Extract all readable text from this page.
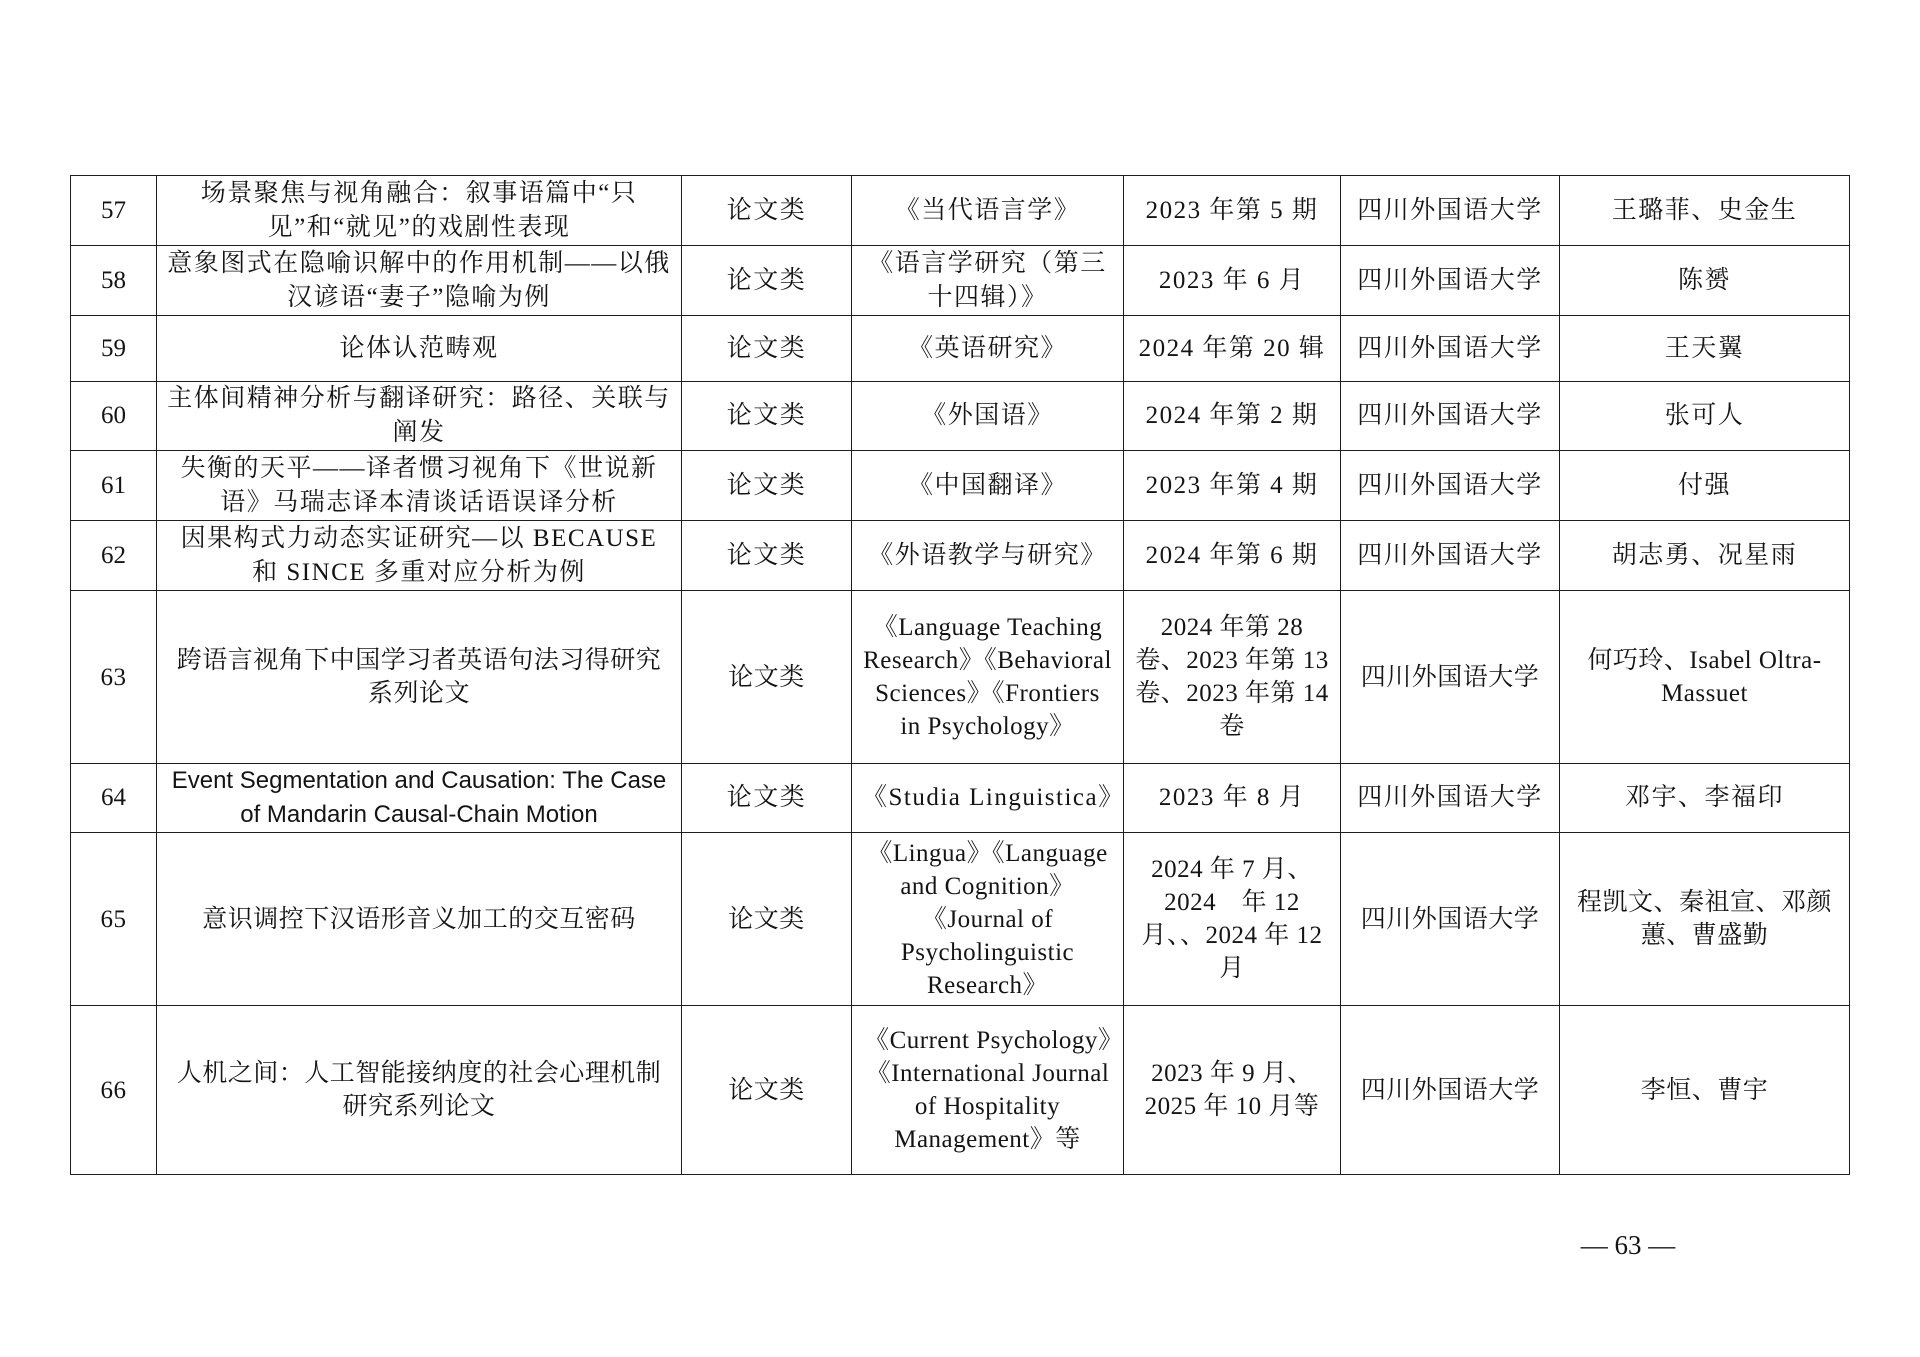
57	场景聚焦与视角融合：叙事语篇中“只见”和“就见”的戏剧性表现	论文类	《当代语言学》	2023 年第 5 期	四川外国语大学	王璐菲、史金生
58	意象图式在隐喻识解中的作用机制——以俄汉谚语“妻子”隐喻为例	论文类	《语言学研究（第三十四辑）》	2023 年 6 月	四川外国语大学	陈赟
59	论体认范畴观	论文类	《英语研究》	2024 年第 20 辑	四川外国语大学	王天翼
60	主体间精神分析与翻译研究：路径、关联与阐发	论文类	《外国语》	2024 年第 2 期	四川外国语大学	张可人
61	失衡的天平——译者惯习视角下《世说新语》马瑞志译本清谈话语误译分析	论文类	《中国翻译》	2023 年第 4 期	四川外国语大学	付强
62	因果构式力动态实证研究—以 BECAUSE 和 SINCE 多重对应分析为例	论文类	《外语教学与研究》	2024 年第 6 期	四川外国语大学	胡志勇、况星雨
63	跨语言视角下中国学习者英语句法习得研究系列论文	论文类	《Language Teaching Research》《Behavioral Sciences》《Frontiers in Psychology》	2024 年第 28 卷、2023 年第 13 卷、2023 年第 14 卷	四川外国语大学	何巧玲、Isabel Oltra-Massuet
64	Event Segmentation and Causation: The Case of Mandarin Causal-Chain Motion	论文类	《Studia Linguistica》	2023 年 8 月	四川外国语大学	邓宇、李福印
65	意识调控下汉语形音义加工的交互密码	论文类	《Lingua》《Language and Cognition》《Journal of Psycholinguistic Research》	2024 年 7 月、2024　年 12 月、、2024 年 12　月	四川外国语大学	程凯文、秦祖宣、邓颜蕙、曹盛勤
66	人机之间：人工智能接纳度的社会心理机制研究系列论文	论文类	《Current Psychology》《International Journal of Hospitality Management》等	2023 年 9 月、2025 年 10 月等	四川外国语大学	李恒、曹宇
— 63 —
